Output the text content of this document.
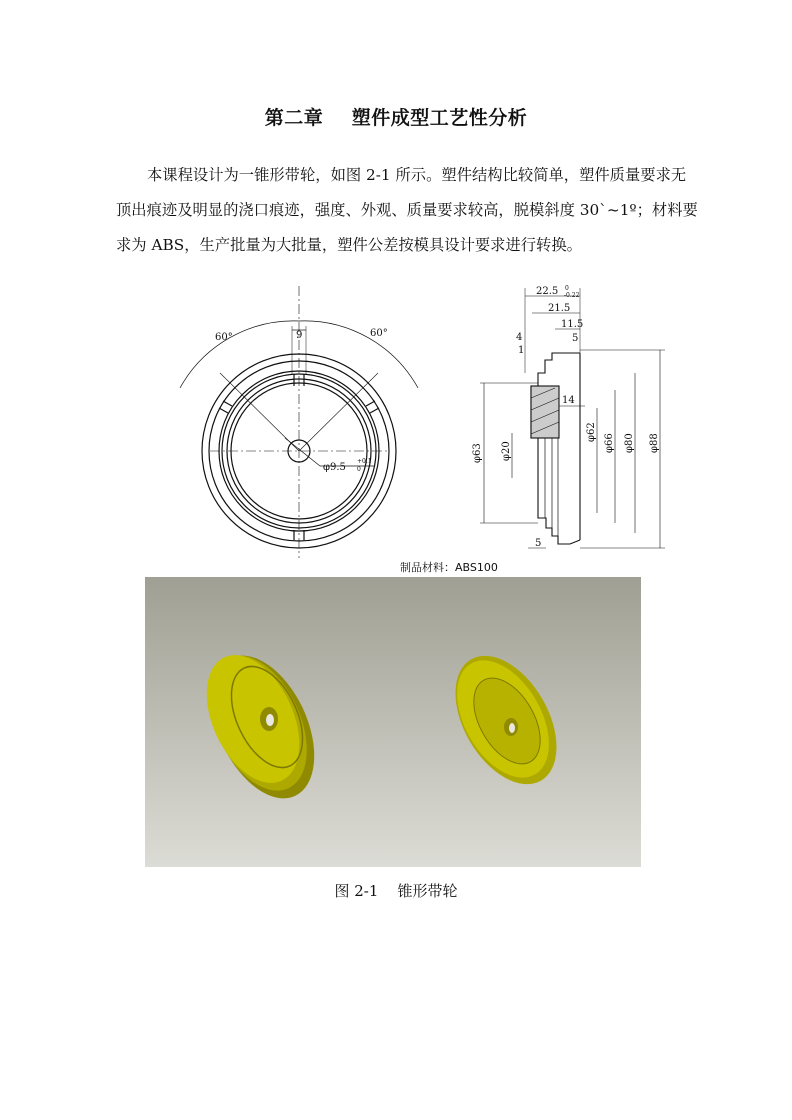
第二章    塑件成型工艺性分析
本课程设计为一锥形带轮，如图 2-1 所示。塑件结构比较简单，塑件质量要求无
顶出痕迹及明显的浇口痕迹，强度、外观、质量要求较高，脱模斜度 30`~1º；材料要
求为 ABS，生产批量为大批量，塑件公差按模具设计要求进行转换。
60°	60°
9
φ9.5
+0.1
0
22.5 0
-0.22
21.5
11.5
5
4
1
14
5
φ63 φ20
φ62
φ66 φ80 φ88
制品材料：ABS100
图 2-1    锥形带轮
